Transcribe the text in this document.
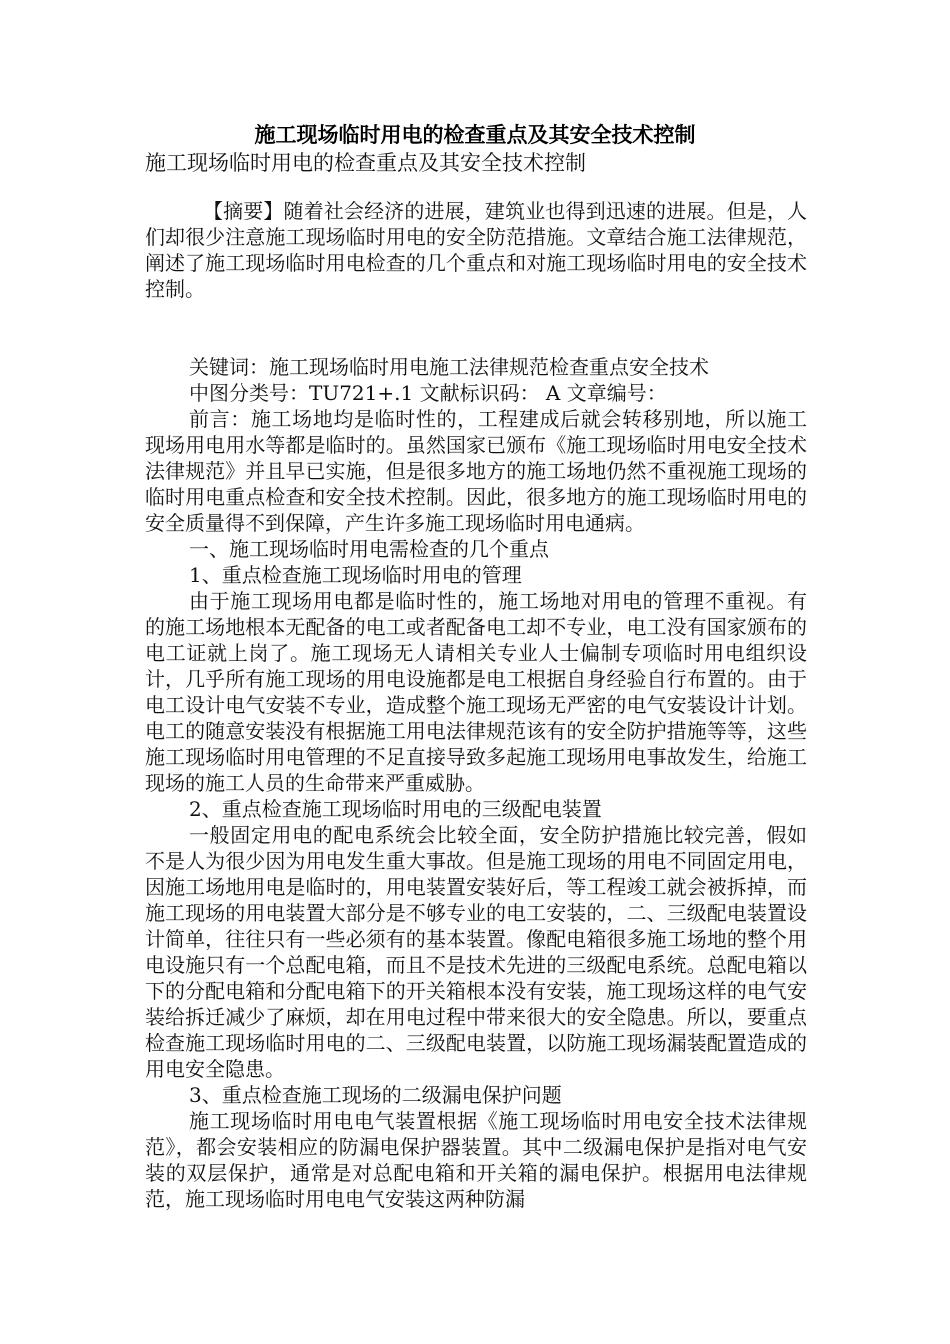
施工现场临时用电的检查重点及其安全技术控制
施工现场临时用电的检查重点及其安全技术控制

【摘要】随着社会经济的进展，建筑业也得到迅速的进展。但是，人们却很少注意施工现场临时用电的安全防范措施。文章结合施工法律规范，阐述了施工现场临时用电检查的几个重点和对施工现场临时用电的安全技术控制。

关键词：施工现场临时用电施工法律规范检查重点安全技术

中图分类号：TU721+.1 文献标识码： A 文章编号：

前言：施工场地均是临时性的，工程建成后就会转移别地，所以施工现场用电用水等都是临时的。虽然国家已颁布《施工现场临时用电安全技术法律规范》并且早已实施，但是很多地方的施工场地仍然不重视施工现场的临时用电重点检查和安全技术控制。因此，很多地方的施工现场临时用电的安全质量得不到保障，产生许多施工现场临时用电通病。

一、施工现场临时用电需检查的几个重点

1、重点检查施工现场临时用电的管理

由于施工现场用电都是临时性的，施工场地对用电的管理不重视。有的施工场地根本无配备的电工或者配备电工却不专业，电工没有国家颁布的电工证就上岗了。施工现场无人请相关专业人士偏制专项临时用电组织设计，几乎所有施工现场的用电设施都是电工根据自身经验自行布置的。由于电工设计电气安装不专业，造成整个施工现场无严密的电气安装设计计划。电工的随意安装没有根据施工用电法律规范该有的安全防护措施等等，这些施工现场临时用电管理的不足直接导致多起施工现场用电事故发生，给施工现场的施工人员的生命带来严重威胁。

2、重点检查施工现场临时用电的三级配电装置

一般固定用电的配电系统会比较全面，安全防护措施比较完善，假如不是人为很少因为用电发生重大事故。但是施工现场的用电不同固定用电，因施工场地用电是临时的，用电装置安装好后，等工程竣工就会被拆掉，而施工现场的用电装置大部分是不够专业的电工安装的，二、三级配电装置设计简单，往往只有一些必须有的基本装置。像配电箱很多施工场地的整个用电设施只有一个总配电箱，而且不是技术先进的三级配电系统。总配电箱以下的分配电箱和分配电箱下的开关箱根本没有安装，施工现场这样的电气安装给拆迁减少了麻烦，却在用电过程中带来很大的安全隐患。所以，要重点检查施工现场临时用电的二、三级配电装置，以防施工现场漏装配置造成的用电安全隐患。

3、重点检查施工现场的二级漏电保护问题

施工现场临时用电电气装置根据《施工现场临时用电安全技术法律规范》，都会安装相应的防漏电保护器装置。其中二级漏电保护是指对电气安装的双层保护，通常是对总配电箱和开关箱的漏电保护。根据用电法律规范，施工现场临时用电电气安装这两种防漏
